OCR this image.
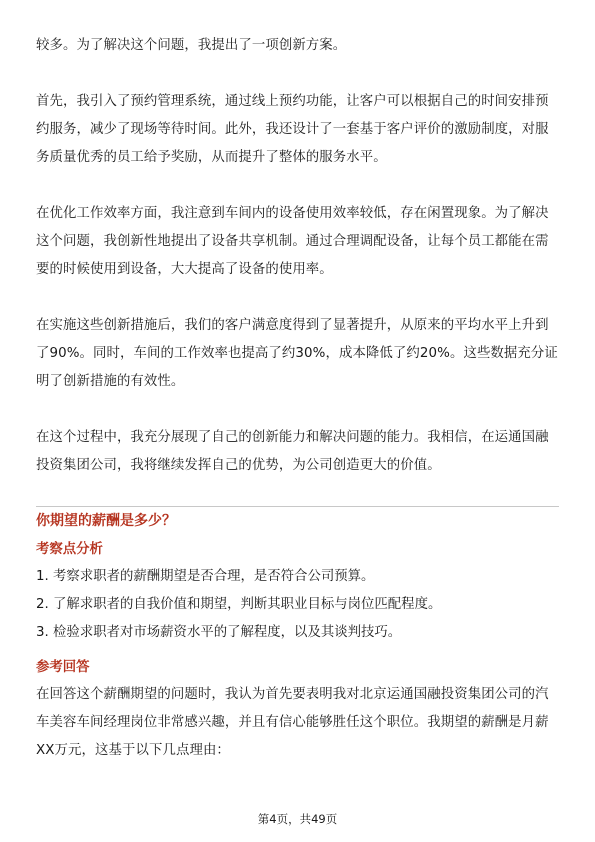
较多。为了解决这个问题，我提出了一项创新方案。

首先，我引入了预约管理系统，通过线上预约功能，让客户可以根据自己的时间安排预约服务，减少了现场等待时间。此外，我还设计了一套基于客户评价的激励制度，对服务质量优秀的员工给予奖励，从而提升了整体的服务水平。

在优化工作效率方面，我注意到车间内的设备使用效率较低，存在闲置现象。为了解决这个问题，我创新性地提出了设备共享机制。通过合理调配设备，让每个员工都能在需要的时候使用到设备，大大提高了设备的使用率。

在实施这些创新措施后，我们的客户满意度得到了显著提升，从原来的平均水平上升到了90%。同时，车间的工作效率也提高了约30%，成本降低了约20%。这些数据充分证明了创新措施的有效性。

在这个过程中，我充分展现了自己的创新能力和解决问题的能力。我相信，在运通国融投资集团公司，我将继续发挥自己的优势，为公司创造更大的价值。

你期望的薪酬是多少？
考察点分析
1. 考察求职者的薪酬期望是否合理，是否符合公司预算。
2. 了解求职者的自我价值和期望，判断其职业目标与岗位匹配程度。
3. 检验求职者对市场薪资水平的了解程度，以及其谈判技巧。
参考回答

在回答这个薪酬期望的问题时，我认为首先要表明我对北京运通国融投资集团公司的汽车美容车间经理岗位非常感兴趣，并且有信心能够胜任这个职位。我期望的薪酬是月薪XX万元，这基于以下几点理由：

第4页，共49页
